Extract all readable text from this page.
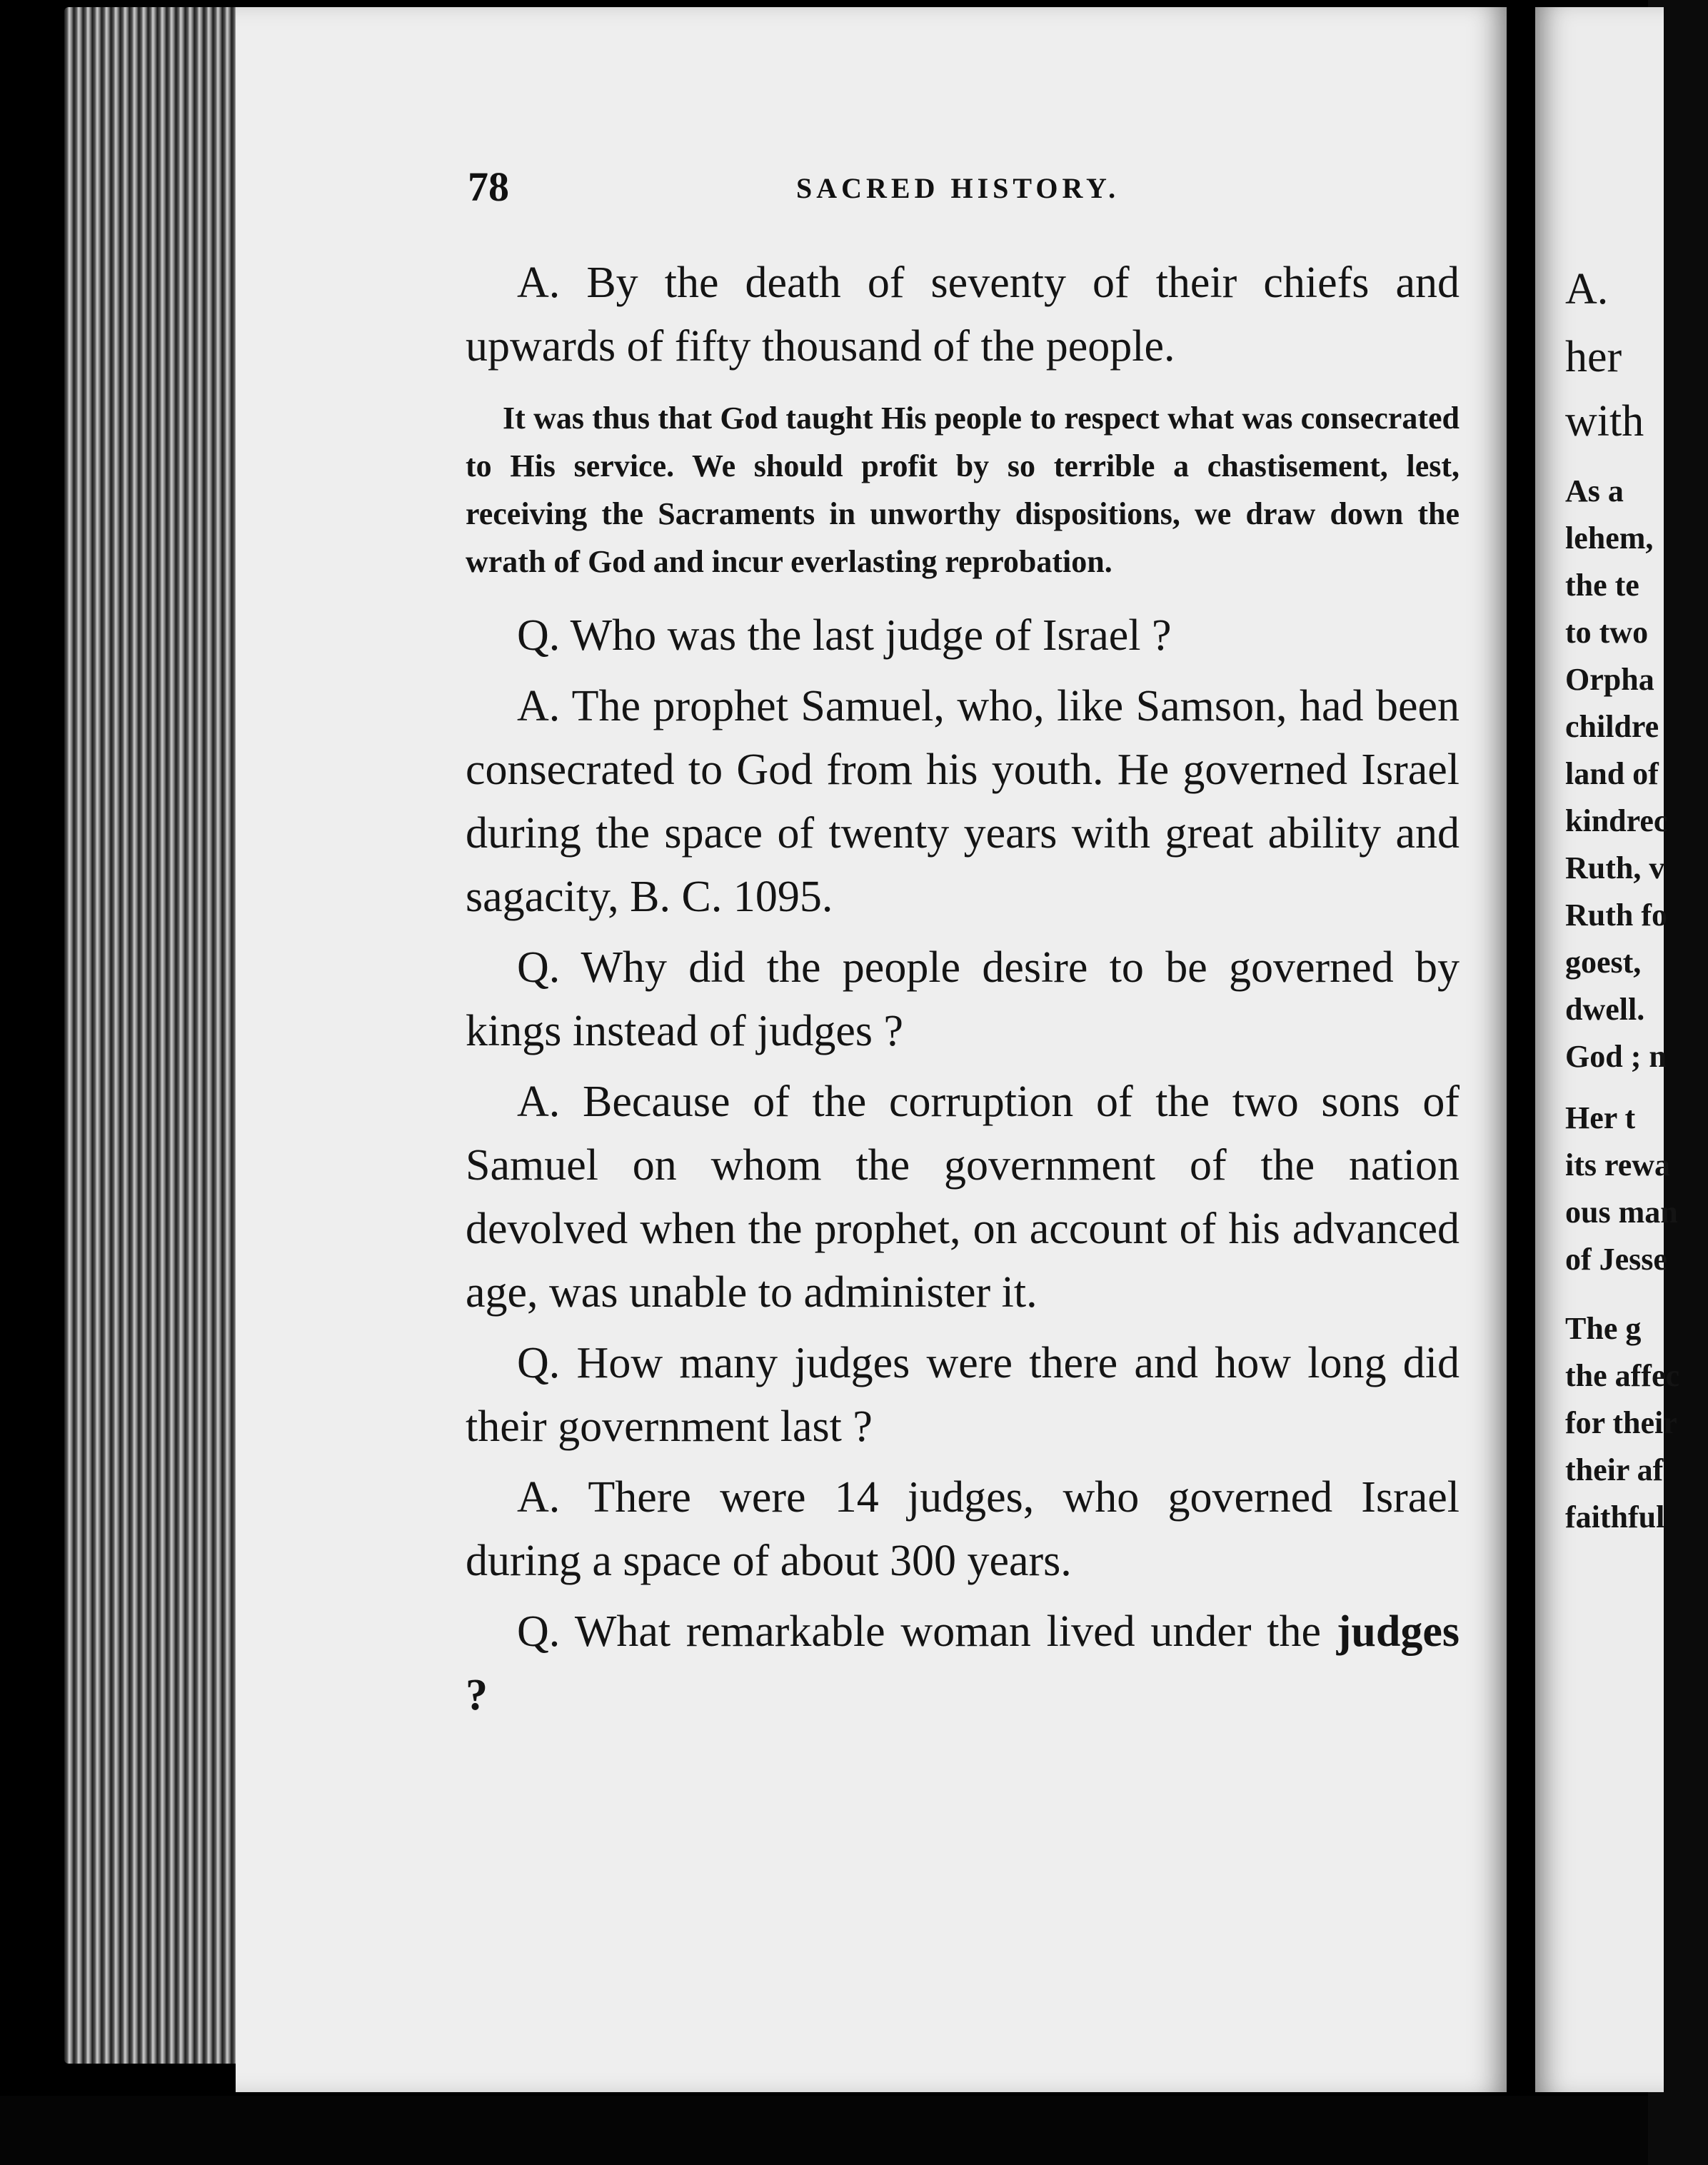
A.
her
with
As a
lehem,
the te
to two
Orpha
childre
land of
kindrec
Ruth, v
Ruth fo
goest,
dwell.
God ; n
Her t
its rewa
ous man
of Jesse
The g
the affec
for their
their af
faithful
78	SACRED HISTORY.

A. By the death of seventy of their chiefs and upwards of fifty thousand of the people.

It was thus that God taught His people to respect what was consecrated to His service. We should profit by so terrible a chastisement, lest, receiving the Sacraments in unworthy dispositions, we draw down the wrath of God and incur everlasting reprobation.

Q. Who was the last judge of Israel ?

A. The prophet Samuel, who, like Samson, had been consecrated to God from his youth. He governed Israel during the space of twenty years with great ability and sagacity, B. C. 1095.

Q. Why did the people desire to be governed by kings instead of judges ?

A. Because of the corruption of the two sons of Samuel on whom the government of the nation devolved when the prophet, on account of his advanced age, was unable to administer it.

Q. How many judges were there and how long did their government last ?

A. There were 14 judges, who governed Israel during a space of about 300 years.

Q. What remarkable woman lived under the judges ?
